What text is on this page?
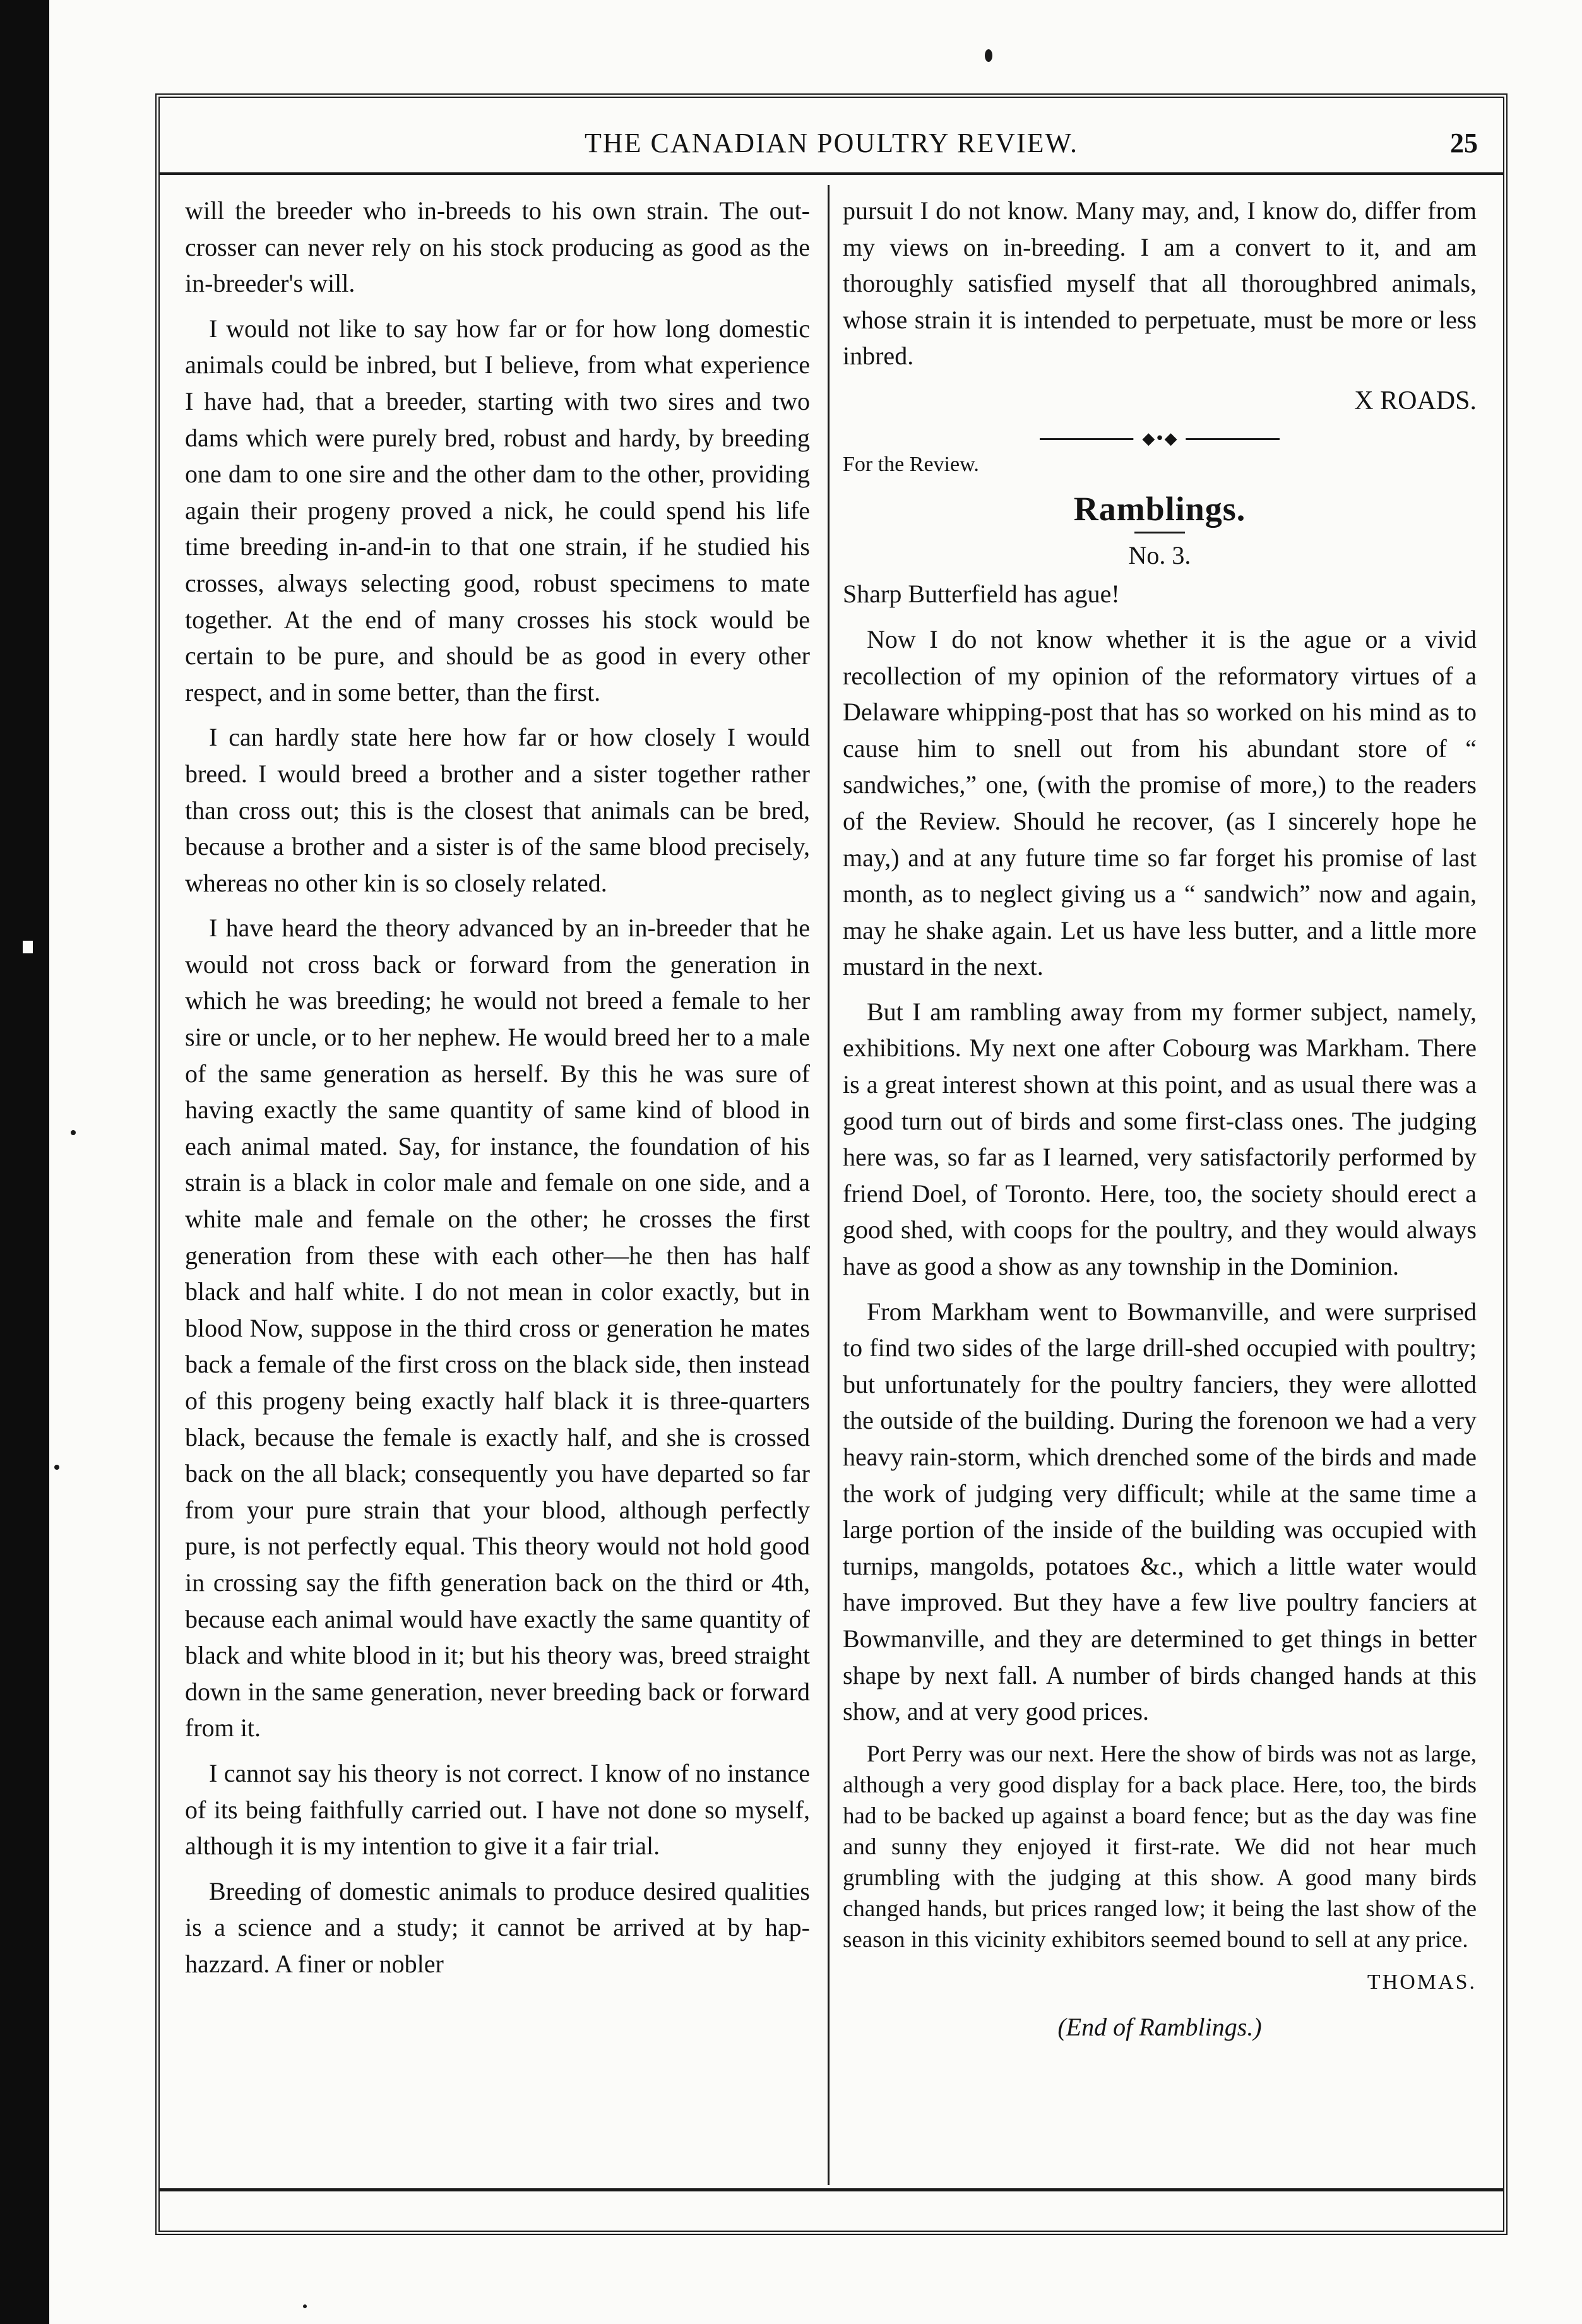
THE CANADIAN POULTRY REVIEW.	25

will the breeder who in-breeds to his own strain. The out-crosser can never rely on his stock producing as good as the in-breeder's will.

I would not like to say how far or for how long domestic animals could be inbred, but I believe, from what experience I have had, that a breeder, starting with two sires and two dams which were purely bred, robust and hardy, by breeding one dam to one sire and the other dam to the other, providing again their progeny proved a nick, he could spend his life time breeding in-and-in to that one strain, if he studied his crosses, always selecting good, robust specimens to mate together. At the end of many crosses his stock would be certain to be pure, and should be as good in every other respect, and in some better, than the first.

I can hardly state here how far or how closely I would breed. I would breed a brother and a sister together rather than cross out; this is the closest that animals can be bred, because a brother and a sister is of the same blood precisely, whereas no other kin is so closely related.

I have heard the theory advanced by an in-breeder that he would not cross back or forward from the generation in which he was breeding; he would not breed a female to her sire or uncle, or to her nephew. He would breed her to a male of the same generation as herself. By this he was sure of having exactly the same quantity of same kind of blood in each animal mated. Say, for instance, the foundation of his strain is a black in color male and female on one side, and a white male and female on the other; he crosses the first generation from these with each other—he then has half black and half white. I do not mean in color exactly, but in blood Now, suppose in the third cross or generation he mates back a female of the first cross on the black side, then instead of this progeny being exactly half black it is three-quarters black, because the female is exactly half, and she is crossed back on the all black; consequently you have departed so far from your pure strain that your blood, although perfectly pure, is not perfectly equal. This theory would not hold good in crossing say the fifth generation back on the third or 4th, because each animal would have exactly the same quantity of black and white blood in it; but his theory was, breed straight down in the same generation, never breeding back or forward from it.

I cannot say his theory is not correct. I know of no instance of its being faithfully carried out. I have not done so myself, although it is my intention to give it a fair trial.

Breeding of domestic animals to produce desired qualities is a science and a study; it cannot be arrived at by hap-hazzard. A finer or nobler

pursuit I do not know. Many may, and, I know do, differ from my views on in-breeding. I am a convert to it, and am thoroughly satisfied myself that all thoroughbred animals, whose strain it is intended to perpetuate, must be more or less inbred.

X ROADS.

◆•◆

For the Review.

Ramblings.
No. 3.

Sharp Butterfield has ague!

Now I do not know whether it is the ague or a vivid recollection of my opinion of the reformatory virtues of a Delaware whipping-post that has so worked on his mind as to cause him to snell out from his abundant store of “ sandwiches,” one, (with the promise of more,) to the readers of the Review. Should he recover, (as I sincerely hope he may,) and at any future time so far forget his promise of last month, as to neglect giving us a “ sandwich” now and again, may he shake again. Let us have less butter, and a little more mustard in the next.

But I am rambling away from my former subject, namely, exhibitions. My next one after Cobourg was Markham. There is a great interest shown at this point, and as usual there was a good turn out of birds and some first-class ones. The judging here was, so far as I learned, very satisfactorily performed by friend Doel, of Toronto. Here, too, the society should erect a good shed, with coops for the poultry, and they would always have as good a show as any township in the Dominion.

From Markham went to Bowmanville, and were surprised to find two sides of the large drill-shed occupied with poultry; but unfortunately for the poultry fanciers, they were allotted the outside of the building. During the forenoon we had a very heavy rain-storm, which drenched some of the birds and made the work of judging very difficult; while at the same time a large portion of the inside of the building was occupied with turnips, mangolds, potatoes &c., which a little water would have improved. But they have a few live poultry fanciers at Bowmanville, and they are determined to get things in better shape by next fall. A number of birds changed hands at this show, and at very good prices.

Port Perry was our next. Here the show of birds was not as large, although a very good display for a back place. Here, too, the birds had to be backed up against a board fence; but as the day was fine and sunny they enjoyed it first-rate. We did not hear much grumbling with the judging at this show. A good many birds changed hands, but prices ranged low; it being the last show of the season in this vicinity exhibitors seemed bound to sell at any price.

THOMAS.

(End of Ramblings.)
